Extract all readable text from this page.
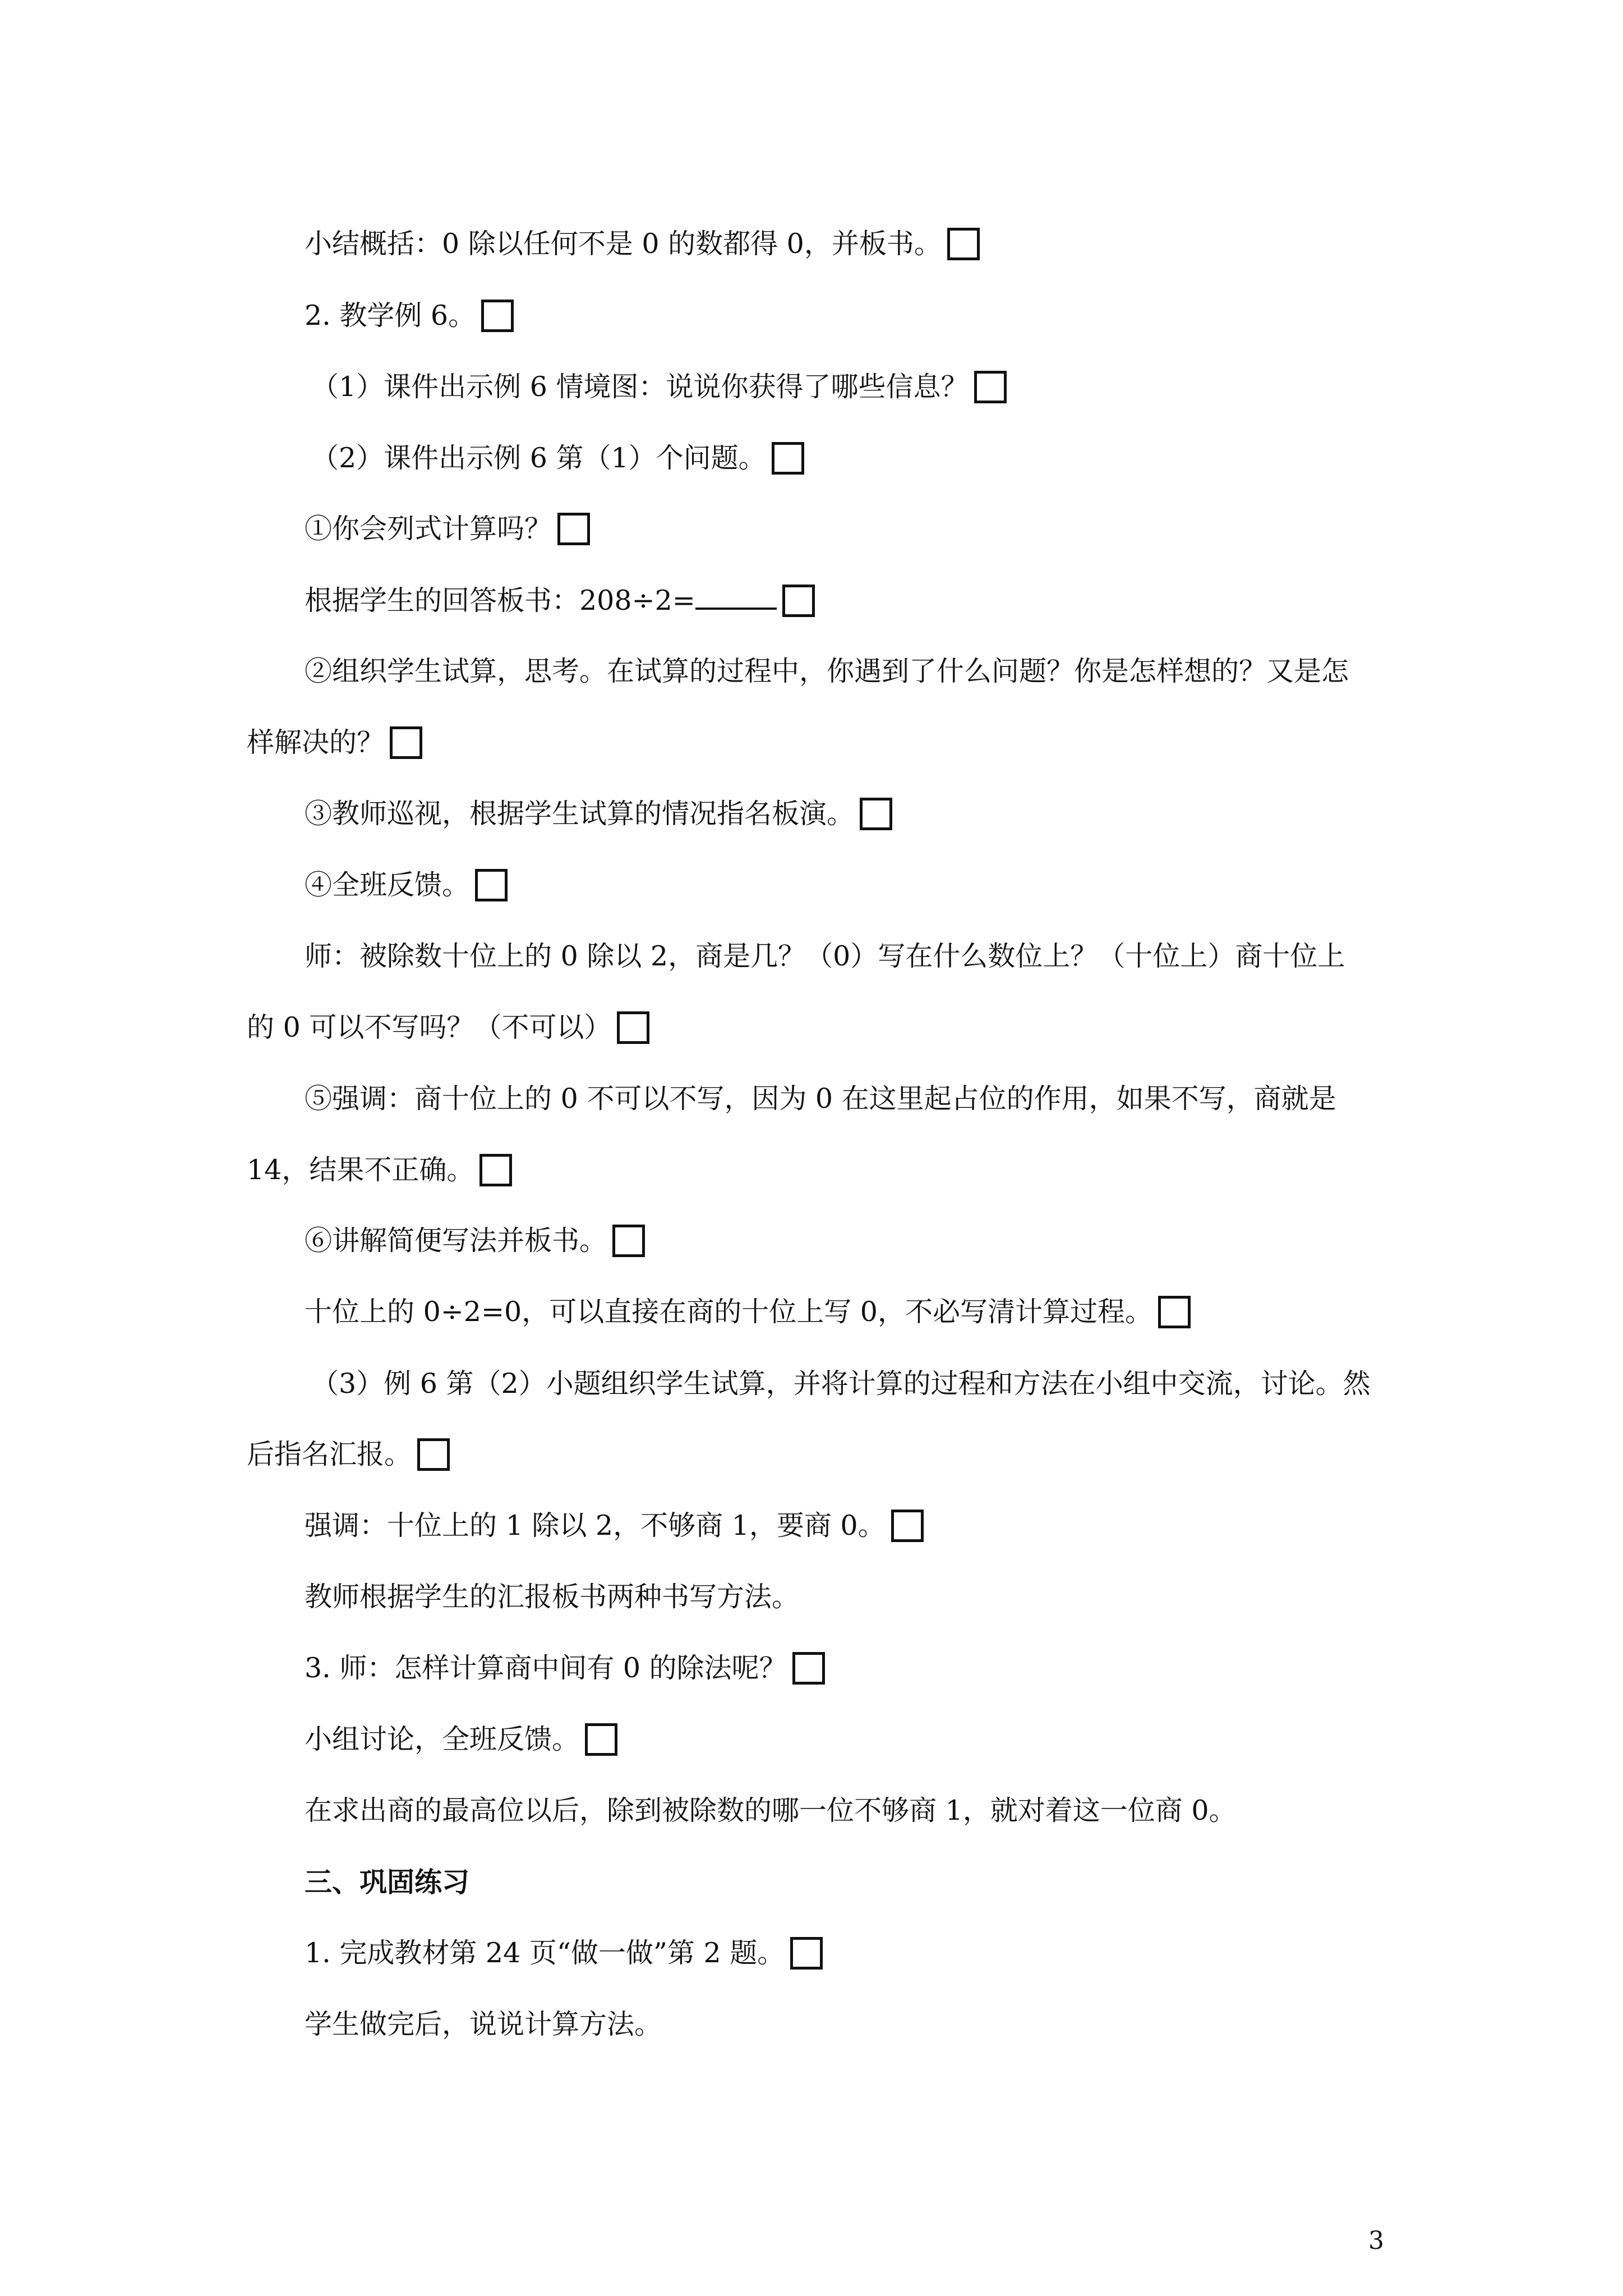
小结概括：0 除以任何不是 0 的数都得 0，并板书。
2. 教学例 6。
（1）课件出示例 6 情境图：说说你获得了哪些信息？
（2）课件出示例 6 第（1）个问题。
①你会列式计算吗？
根据学生的回答板书：208÷2=
②组织学生试算，思考。在试算的过程中，你遇到了什么问题？你是怎样想的？又是怎
样解决的？
③教师巡视，根据学生试算的情况指名板演。
④全班反馈。
师：被除数十位上的 0 除以 2，商是几？（0）写在什么数位上？（十位上）商十位上
的 0 可以不写吗？（不可以）
⑤强调：商十位上的 0 不可以不写，因为 0 在这里起占位的作用，如果不写，商就是
14，结果不正确。
⑥讲解简便写法并板书。
十位上的 0÷2=0，可以直接在商的十位上写 0，不必写清计算过程。
（3）例 6 第（2）小题组织学生试算，并将计算的过程和方法在小组中交流，讨论。然
后指名汇报。
强调：十位上的 1 除以 2，不够商 1，要商 0。
教师根据学生的汇报板书两种书写方法。
3. 师：怎样计算商中间有 0 的除法呢？
小组讨论，全班反馈。
在求出商的最高位以后，除到被除数的哪一位不够商 1，就对着这一位商 0。
三、巩固练习
1. 完成教材第 24 页“做一做”第 2 题。
学生做完后，说说计算方法。
3
